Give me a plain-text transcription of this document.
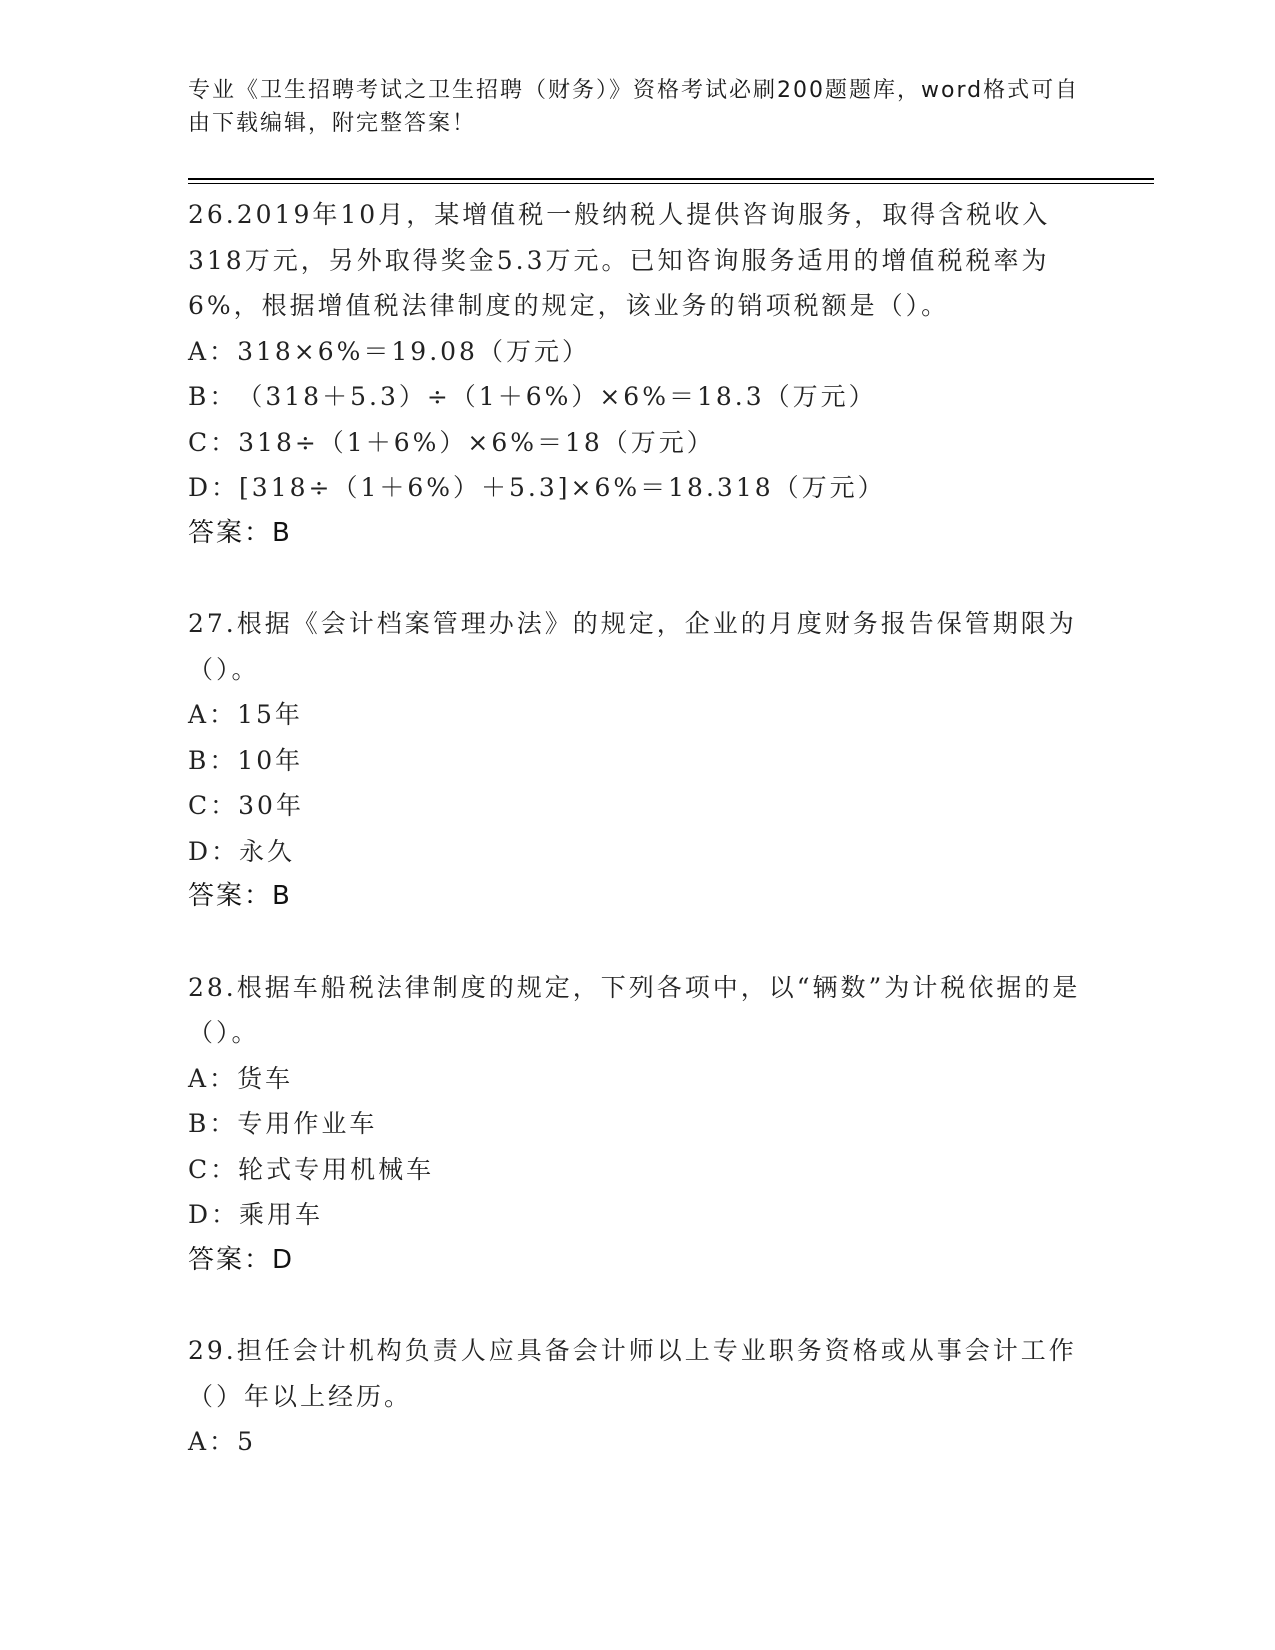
专业《卫生招聘考试之卫生招聘（财务）》资格考试必刷200题题库，word格式可自由下载编辑，附完整答案！
26.2019年10月，某增值税一般纳税人提供咨询服务，取得含税收入318万元，另外取得奖金5.3万元。已知咨询服务适用的增值税税率为6%，根据增值税法律制度的规定，该业务的销项税额是（）。
A： 318×6%＝19.08（万元）
B： （318＋5.3）÷（1＋6%）×6%＝18.3（万元）
C： 318÷（1＋6%）×6%＝18（万元）
D： [318÷（1＋6%）＋5.3]×6%＝18.318（万元）
答案：B
27.根据《会计档案管理办法》的规定，企业的月度财务报告保管期限为（）。
A： 15年
B： 10年
C： 30年
D： 永久
答案：B
28.根据车船税法律制度的规定，下列各项中，以“辆数”为计税依据的是（）。
A： 货车
B： 专用作业车
C： 轮式专用机械车
D： 乘用车
答案：D
29.担任会计机构负责人应具备会计师以上专业职务资格或从事会计工作（）年以上经历。
A： 5
